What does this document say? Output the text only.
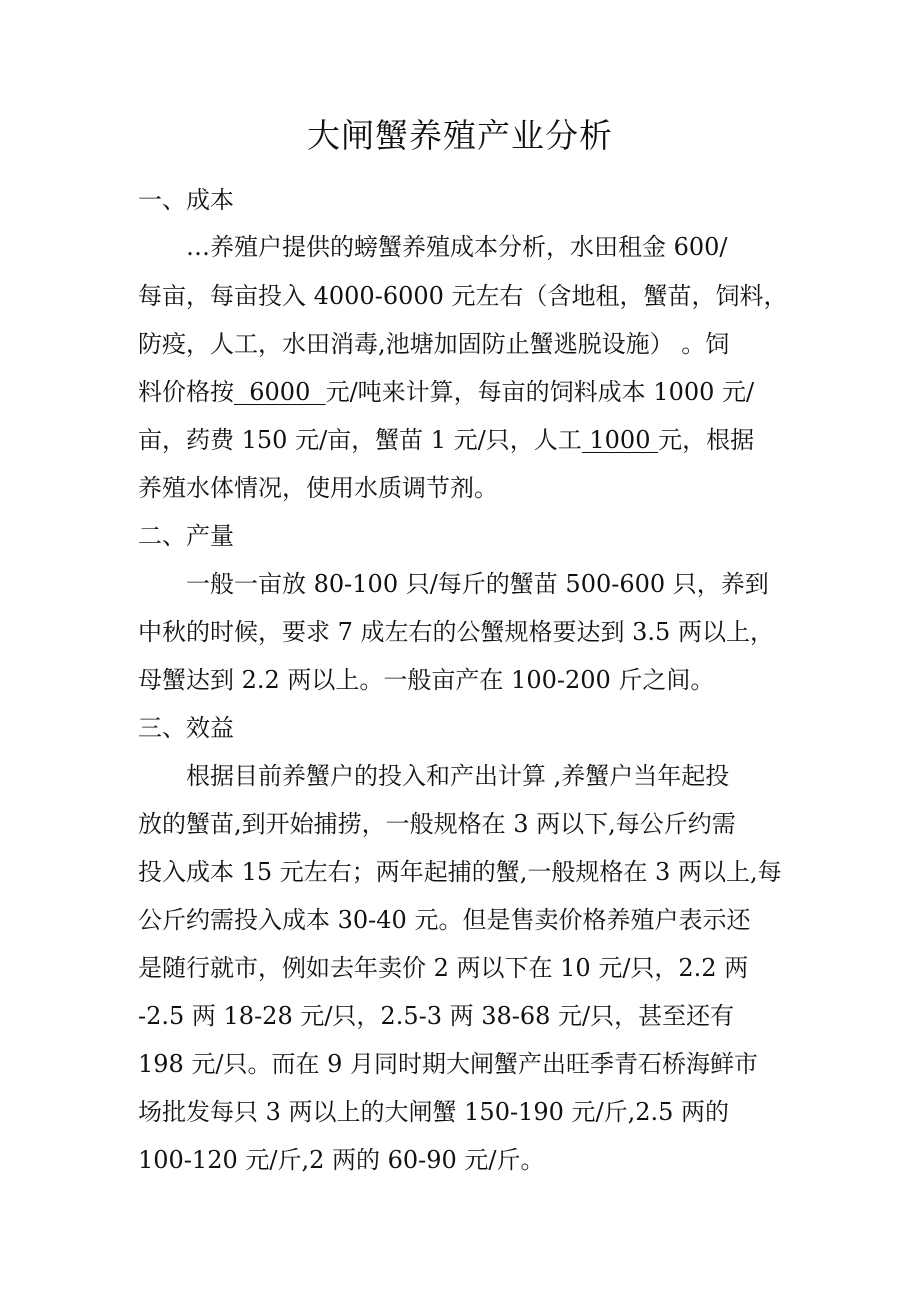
大闸蟹养殖产业分析
一、成本
…养殖户提供的螃蟹养殖成本分析，水田租金 600/
每亩，每亩投入 4000-6000 元左右（含地租，蟹苗，饲料，
防疫，人工，水田消毒,池塘加固防止蟹逃脱设施） 。饲
料价格按  6000  元/吨来计算，每亩的饲料成本 1000 元/
亩，药费 150 元/亩，蟹苗 1 元/只，人工 1000 元，根据
养殖水体情况，使用水质调节剂。
二、产量
一般一亩放 80-100 只/每斤的蟹苗 500-600 只，养到
中秋的时候，要求 7 成左右的公蟹规格要达到 3.5 两以上，
母蟹达到 2.2 两以上。一般亩产在 100-200 斤之间。
三、效益
根据目前养蟹户的投入和产出计算 ,养蟹户当年起投
放的蟹苗,到开始捕捞，一般规格在 3 两以下,每公斤约需
投入成本 15 元左右；两年起捕的蟹,一般规格在 3 两以上,每
公斤约需投入成本 30-40 元。但是售卖价格养殖户表示还
是随行就市，例如去年卖价 2 两以下在 10 元/只，2.2 两
-2.5 两 18-28 元/只，2.5-3 两 38-68 元/只，甚至还有
198 元/只。而在 9 月同时期大闸蟹产出旺季青石桥海鲜市
场批发每只 3 两以上的大闸蟹 150-190 元/斤,2.5 两的
100-120 元/斤,2 两的 60-90 元/斤。
